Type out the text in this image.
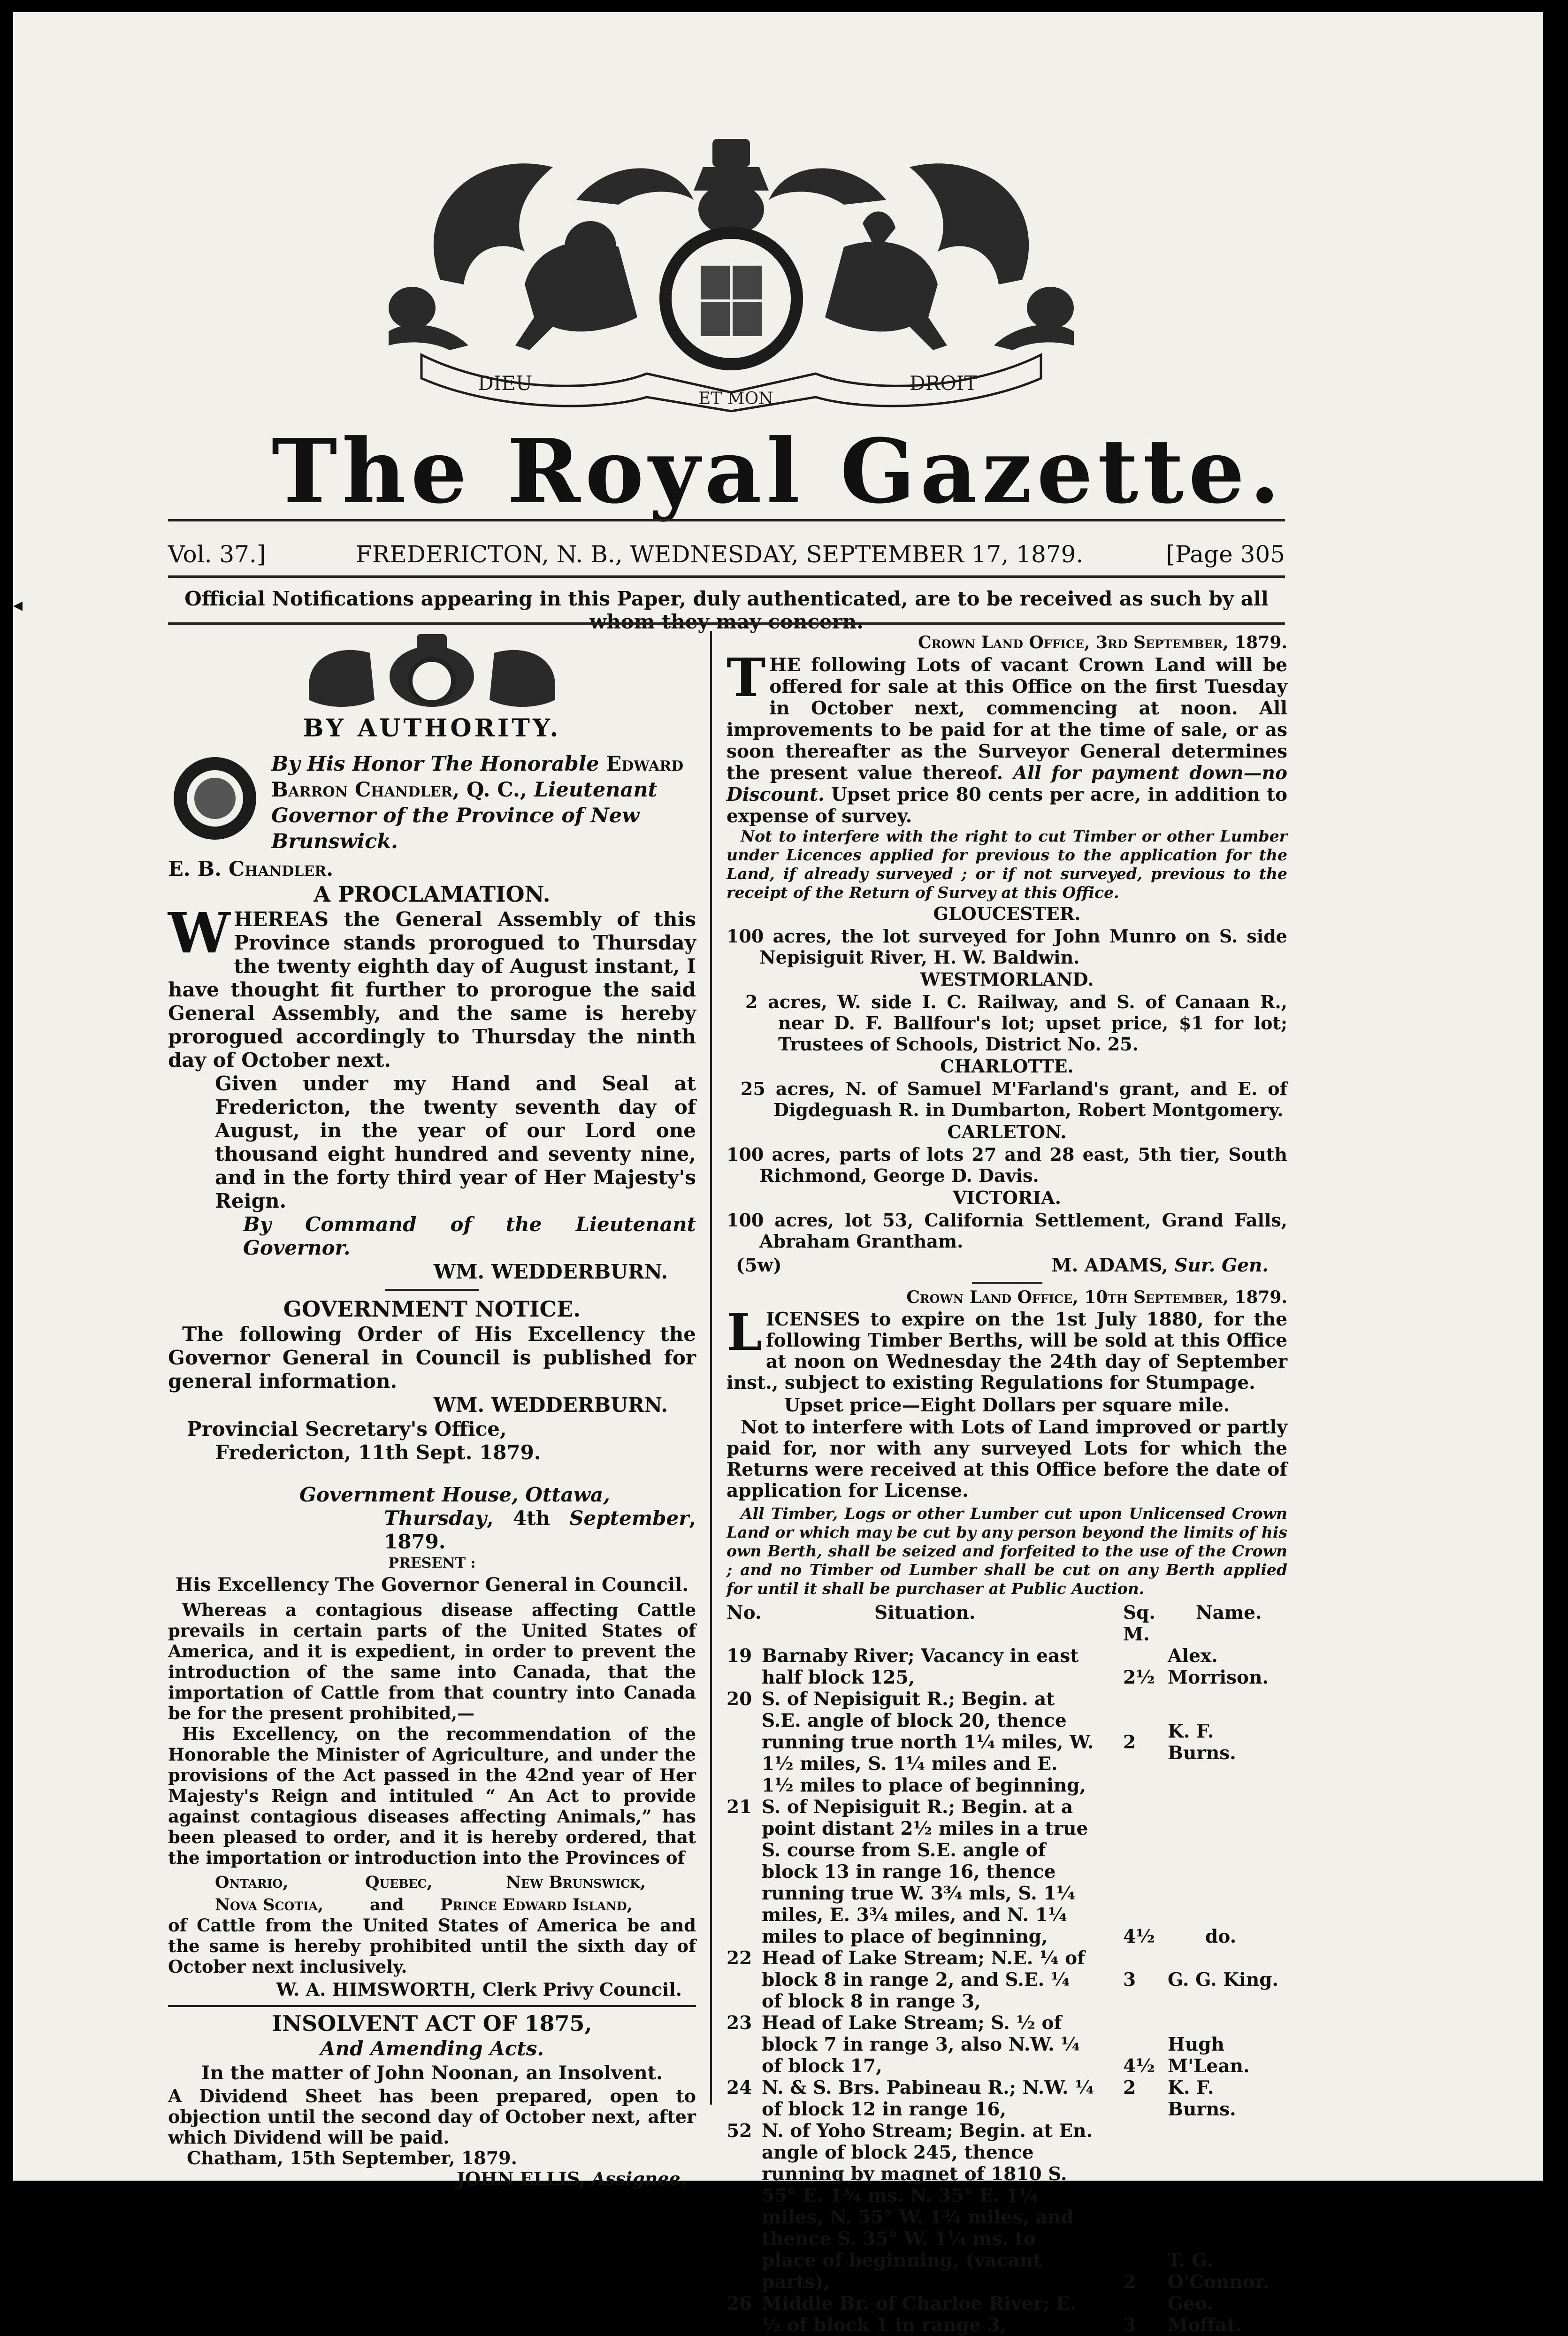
DIEU
ET MON
DROIT
HONI SOIT QUI MAL Y PENSE
The Royal Gazette.
Vol. 37.]	FREDERICTON, N. B., WEDNESDAY, SEPTEMBER 17, 1879.	[Page 305
Official Notifications appearing in this Paper, duly authenticated, are to be received as such by all whom they may concern.

BY AUTHORITY.

By His Honor The Honorable Edward Barron Chandler, Q. C., Lieutenant Governor of the Province of New Brunswick.

E. B. Chandler.

A PROCLAMATION.

WHEREAS the General Assembly of this Province stands prorogued to Thursday the twenty eighth day of August instant, I have thought fit further to prorogue the said General Assembly, and the same is hereby prorogued accordingly to Thursday the ninth day of October next.

Given under my Hand and Seal at Fredericton, the twenty seventh day of August, in the year of our Lord one thousand eight hundred and seventy nine, and in the forty third year of Her Majesty's Reign.

By Command of the Lieutenant Governor.

WM. WEDDERBURN.

GOVERNMENT NOTICE.

The following Order of His Excellency the Governor General in Council is published for general information.

WM. WEDDERBURN.

Provincial Secretary's Office,

Fredericton, 11th Sept. 1879.

Government House, Ottawa,

Thursday, 4th September, 1879.

PRESENT :

His Excellency The Governor General in Council.

Whereas a contagious disease affecting Cattle prevails in certain parts of the United States of America, and it is expedient, in order to prevent the introduction of the same into Canada, that the importation of Cattle from that country into Canada be for the present prohibited,—

His Excellency, on the recommendation of the Honorable the Minister of Agriculture, and under the provisions of the Act passed in the 42nd year of Her Majesty's Reign and intituled “ An Act to provide against contagious diseases affecting Animals,” has been pleased to order, and it is hereby ordered, that the importation or introduction into the Provinces of

Ontario,	Quebec,	New Brunswick,
Nova Scotia,	and Prince Edward Island,

of Cattle from the United States of America be and the same is hereby prohibited until the sixth day of October next inclusively.

W. A. HIMSWORTH, Clerk Privy Council.

INSOLVENT ACT OF 1875,

And Amending Acts.

In the matter of John Noonan, an Insolvent.

A Dividend Sheet has been prepared, open to objection until the second day of October next, after which Dividend will be paid.

Chatham, 15th September, 1879.

JOHN ELLIS, Assignee.

Crown Land Office, 3rd September, 1879.

THE following Lots of vacant Crown Land will be offered for sale at this Office on the first Tuesday in October next, commencing at noon. All improvements to be paid for at the time of sale, or as soon thereafter as the Surveyor General determines the present value thereof. All for payment down—no Discount. Upset price 80 cents per acre, in addition to expense of survey.

Not to interfere with the right to cut Timber or other Lumber under Licences applied for previous to the application for the Land, if already surveyed ; or if not surveyed, previous to the receipt of the Return of Survey at this Office.

GLOUCESTER.

100 acres, the lot surveyed for John Munro on S. side Nepisiguit River, H. W. Baldwin.

WESTMORLAND.

2 acres, W. side I. C. Railway, and S. of Canaan R., near D. F. Ballfour's lot; upset price, $1 for lot; Trustees of Schools, District No. 25.

CHARLOTTE.

25 acres, N. of Samuel M'Farland's grant, and E. of Digdeguash R. in Dumbarton, Robert Montgomery.

CARLETON.

100 acres, parts of lots 27 and 28 east, 5th tier, South Richmond, George D. Davis.

VICTORIA.

100 acres, lot 53, California Settlement, Grand Falls, Abraham Grantham.

(5w)	M. ADAMS, Sur. Gen.

Crown Land Office, 10th September, 1879.

LICENSES to expire on the 1st July 1880, for the following Timber Berths, will be sold at this Office at noon on Wednesday the 24th day of September inst., subject to existing Regulations for Stumpage.

Upset price—Eight Dollars per square mile.

Not to interfere with Lots of Land improved or partly paid for, nor with any surveyed Lots for which the Returns were received at this Office before the date of application for License.

All Timber, Logs or other Lumber cut upon Unlicensed Crown Land or which may be cut by any person beyond the limits of his own Berth, shall be seized and forfeited to the use of the Crown ; and no Timber od Lumber shall be cut on any Berth applied for until it shall be purchaser at Public Auction.

No.	Situation.	Sq. M.	Name.
19	Barnaby River; Vacancy in east half block 125,	2½	Alex. Morrison.
20	S. of Nepisiguit R.; Begin. at S.E. angle of block 20, thence running true north 1¼ miles, W. 1½ miles, S. 1¼ miles and E. 1½ miles to place of beginning,	2	K. F. Burns.
21	S. of Nepisiguit R.; Begin. at a point distant 2½ miles in a true S. course from S.E. angle of block 13 in range 16, thence running true W. 3¾ mls, S. 1¼ miles, E. 3¾ miles, and N. 1¼ miles to place of beginning,	4½	do.
22	Head of Lake Stream; N.E. ¼ of block 8 in range 2, and S.E. ¼ of block 8 in range 3,	3	G. G. King.
23	Head of Lake Stream; S. ½ of block 7 in range 3, also N.W. ¼ of block 17,	4½	Hugh M'Lean.
24	N. & S. Brs. Pabineau R.; N.W. ¼ of block 12 in range 16,	2	K. F. Burns.
52	N. of Yoho Stream; Begin. at En. angle of block 245, thence running by magnet of 1810 S. 55° E. 1¾ ms. N. 35° E. 1¼ miles, N. 55° W. 1¾ miles, and thence S. 35° W. 1¼ ms. to place of beginning, (vacant parts),	2	T. G. O'Connor.
26	Middle Br. of Charloe River; E. ½ of block 1 in range 3,	3	Geo. Moffat.
◂
